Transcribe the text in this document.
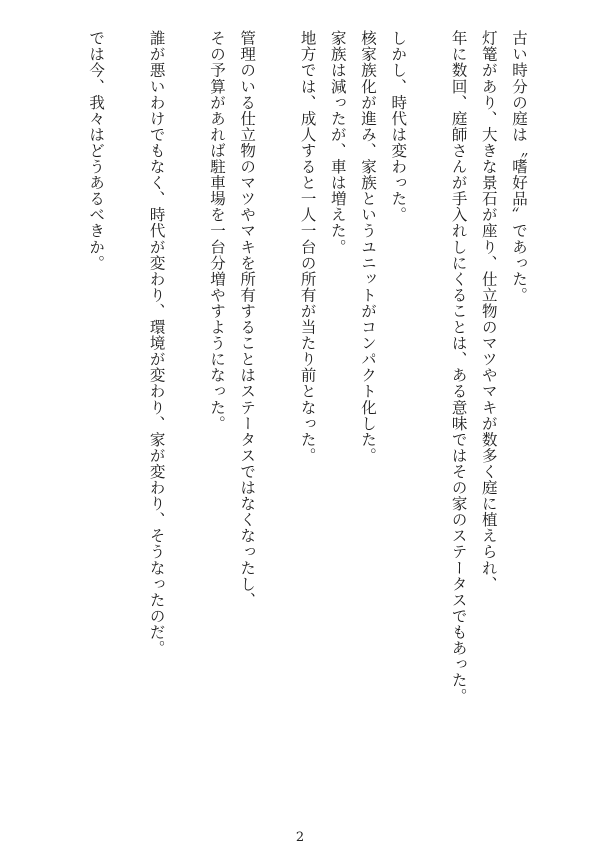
古い時分の庭は〝嗜好品〟であった。
灯篭があり、大きな景石が座り、仕立物のマツやマキが数多く庭に植えられ、
年に数回、庭師さんが手入れしにくることは、ある意味ではその家のステータスでもあった。

しかし、時代は変わった。
核家族化が進み、家族というユニットがコンパクト化した。
家族は減ったが、車は増えた。
地方では、成人すると一人一台の所有が当たり前となった。

管理のいる仕立物のマツやマキを所有することはステータスではなくなったし、
その予算があれば駐車場を一台分増やすようになった。

誰が悪いわけでもなく、時代が変わり、環境が変わり、家が変わり、そうなったのだ。

では今、我々はどうあるべきか。
2
